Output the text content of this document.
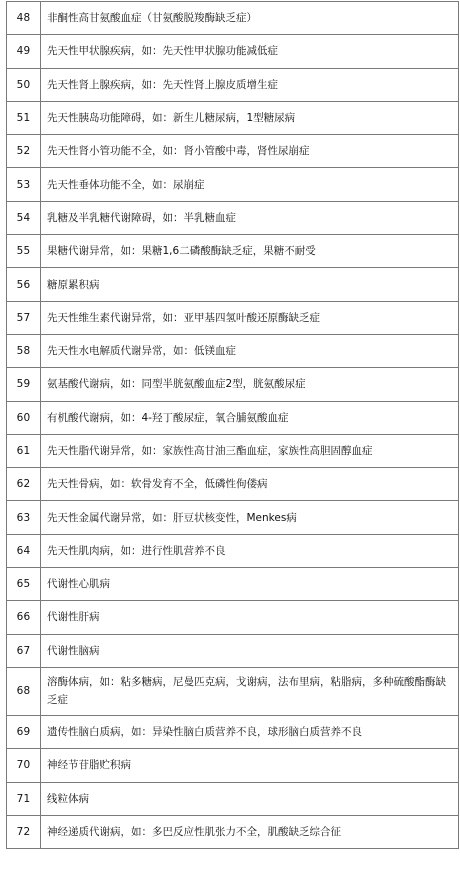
48	非酮性高甘氨酸血症（甘氨酸脱羧酶缺乏症）
49	先天性甲状腺疾病，如：先天性甲状腺功能减低症
50	先天性肾上腺疾病，如：先天性肾上腺皮质增生症
51	先天性胰岛功能障碍，如：新生儿糖尿病，1型糖尿病
52	先天性肾小管功能不全，如：肾小管酸中毒，肾性尿崩症
53	先天性垂体功能不全，如：尿崩症
54	乳糖及半乳糖代谢障碍，如：半乳糖血症
55	果糖代谢异常，如：果糖1,6二磷酸酶缺乏症，果糖不耐受
56	糖原累积病
57	先天性维生素代谢异常，如：亚甲基四氢叶酸还原酶缺乏症
58	先天性水电解质代谢异常，如：低镁血症
59	氨基酸代谢病，如：同型半胱氨酸血症2型，胱氨酸尿症
60	有机酸代谢病，如：4-羟丁酸尿症，氧合脯氨酸血症
61	先天性脂代谢异常，如：家族性高甘油三酯血症，家族性高胆固醇血症
62	先天性骨病，如：软骨发育不全，低磷性佝偻病
63	先天性金属代谢异常，如：肝豆状核变性，Menkes病
64	先天性肌肉病，如：进行性肌营养不良
65	代谢性心肌病
66	代谢性肝病
67	代谢性脑病
68	溶酶体病，如：粘多糖病，尼曼匹克病，戈谢病，法布里病，粘脂病，多种硫酸酯酶缺乏症
69	遗传性脑白质病，如：异染性脑白质营养不良，球形脑白质营养不良
70	神经节苷脂贮积病
71	线粒体病
72	神经递质代谢病，如：多巴反应性肌张力不全，肌酸缺乏综合征
